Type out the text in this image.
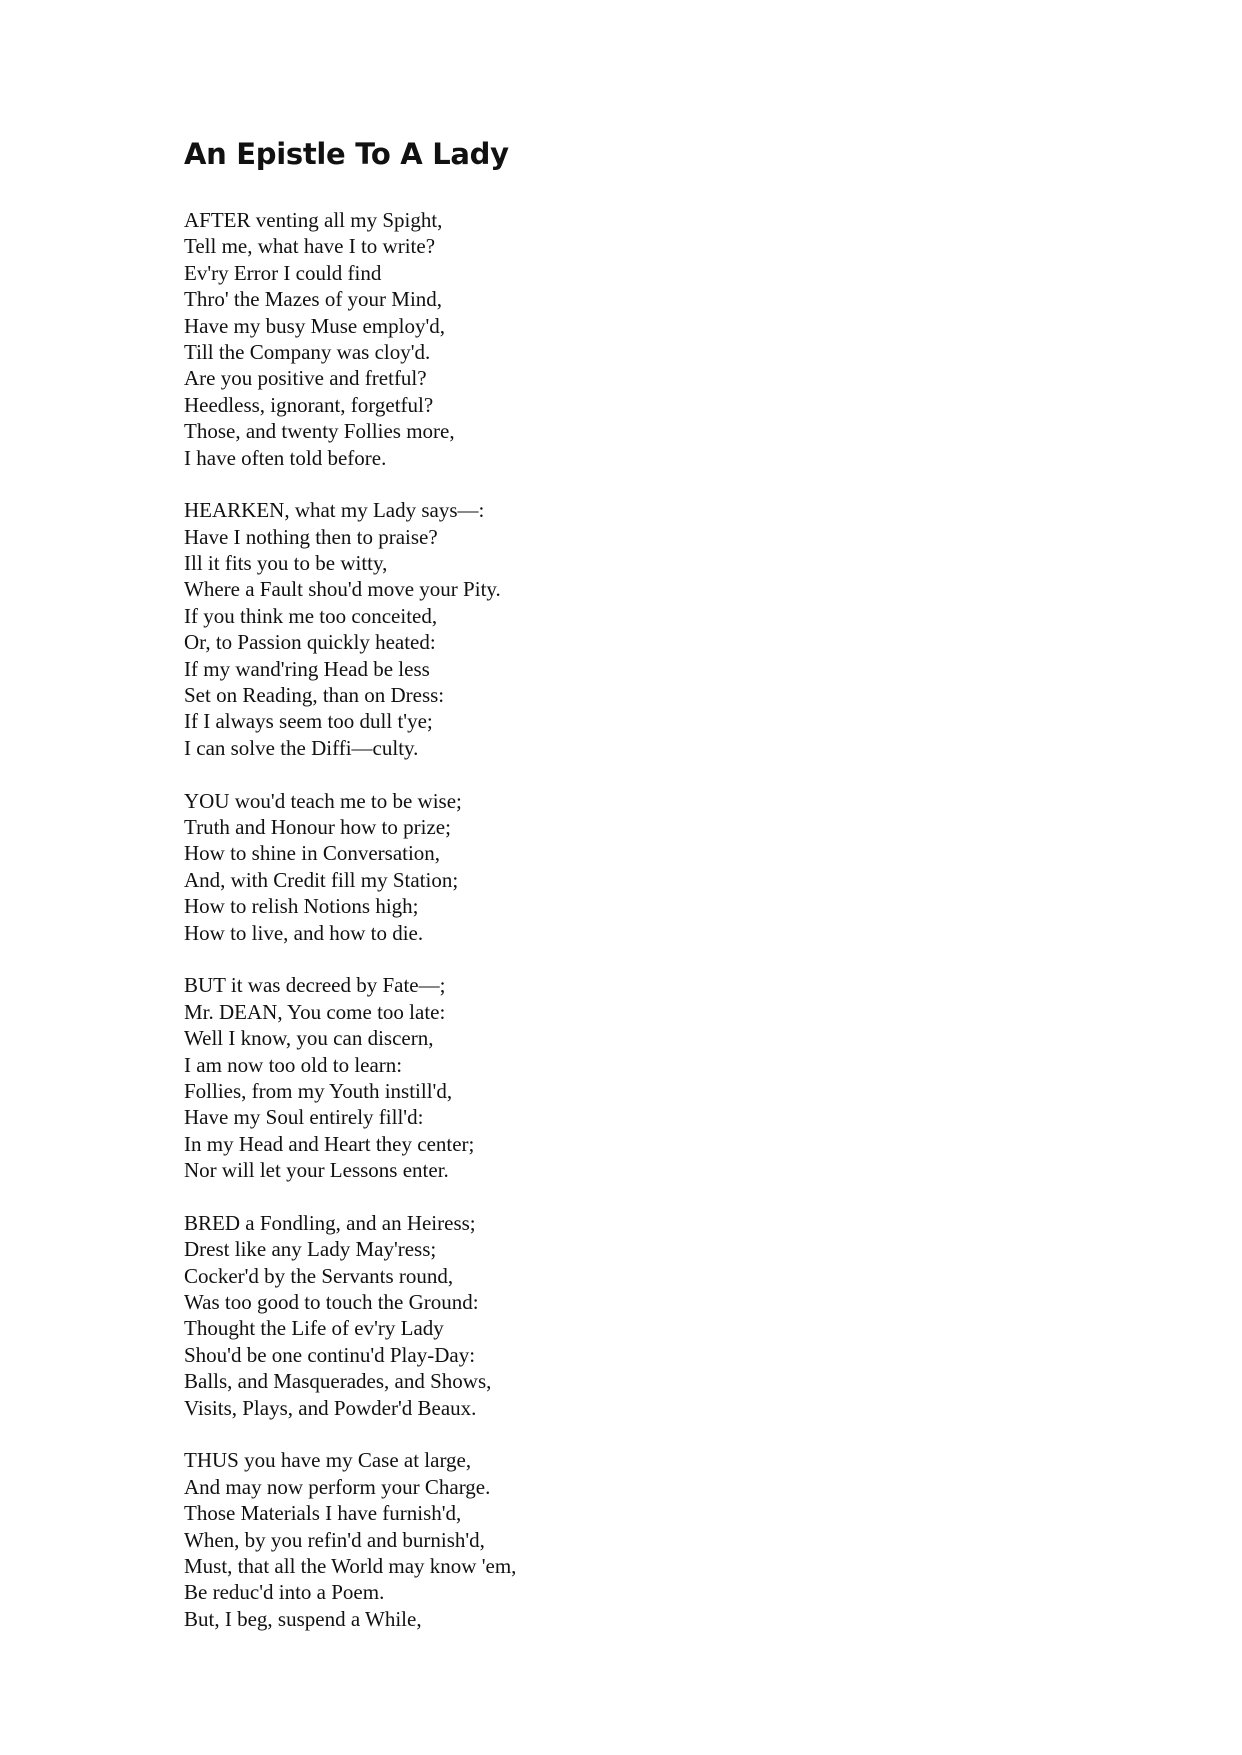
An Epistle To A Lady
AFTER venting all my Spight,
Tell me, what have I to write?
Ev'ry Error I could find
Thro' the Mazes of your Mind,
Have my busy Muse employ'd,
Till the Company was cloy'd.
Are you positive and fretful?
Heedless, ignorant, forgetful?
Those, and twenty Follies more,
I have often told before.
HEARKEN, what my Lady says—:
Have I nothing then to praise?
Ill it fits you to be witty,
Where a Fault shou'd move your Pity.
If you think me too conceited,
Or, to Passion quickly heated:
If my wand'ring Head be less
Set on Reading, than on Dress:
If I always seem too dull t'ye;
I can solve the Diffi—culty.
YOU wou'd teach me to be wise;
Truth and Honour how to prize;
How to shine in Conversation,
And, with Credit fill my Station;
How to relish Notions high;
How to live, and how to die.
BUT it was decreed by Fate—;
Mr. DEAN, You come too late:
Well I know, you can discern,
I am now too old to learn:
Follies, from my Youth instill'd,
Have my Soul entirely fill'd:
In my Head and Heart they center;
Nor will let your Lessons enter.
BRED a Fondling, and an Heiress;
Drest like any Lady May'ress;
Cocker'd by the Servants round,
Was too good to touch the Ground:
Thought the Life of ev'ry Lady
Shou'd be one continu'd Play-Day:
Balls, and Masquerades, and Shows,
Visits, Plays, and Powder'd Beaux.
THUS you have my Case at large,
And may now perform your Charge.
Those Materials I have furnish'd,
When, by you refin'd and burnish'd,
Must, that all the World may know 'em,
Be reduc'd into a Poem.
But, I beg, suspend a While,
